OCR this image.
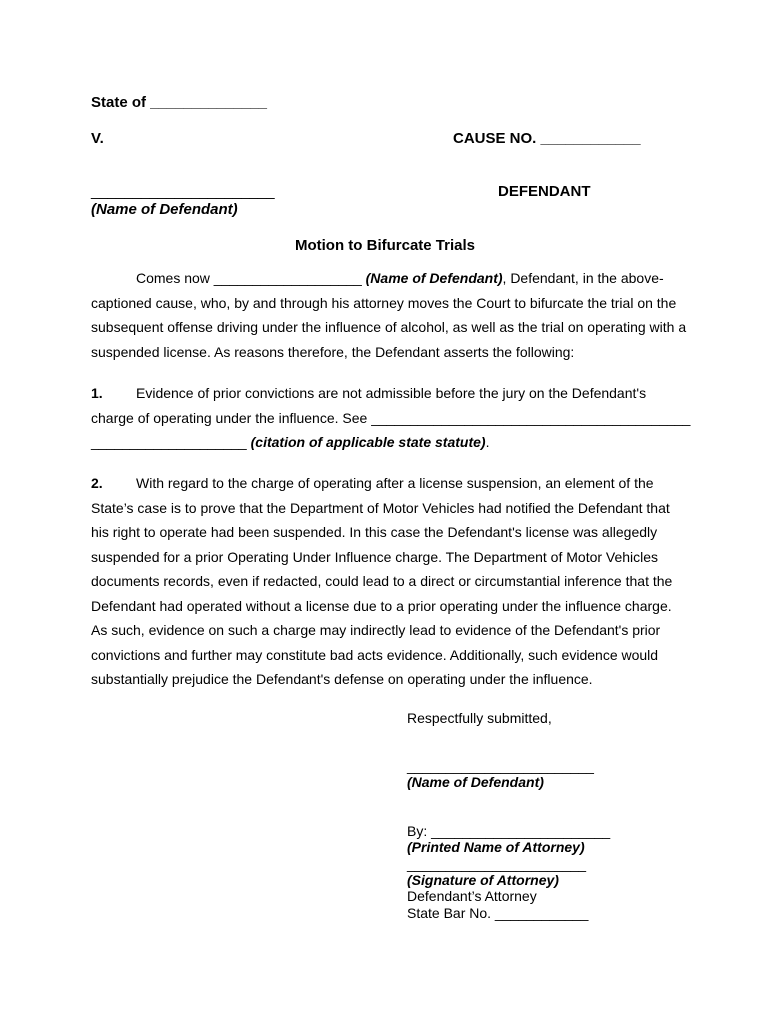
State of ______________
V.	CAUSE NO. ____________
______________________	DEFENDANT
(Name of Defendant)
Motion to Bifurcate Trials
Comes now ___________________ (Name of Defendant), Defendant, in the above-
captioned cause, who, by and through his attorney moves the Court to bifurcate the trial on the
subsequent offense driving under the influence of alcohol, as well as the trial on operating with a
suspended license. As reasons therefore, the Defendant asserts the following:
1. Evidence of prior convictions are not admissible before the jury on the Defendant's
charge of operating under the influence. See _________________________________________
____________________ (citation of applicable state statute).
2. With regard to the charge of operating after a license suspension, an element of the
State’s case is to prove that the Department of Motor Vehicles had notified the Defendant that
his right to operate had been suspended. In this case the Defendant's license was allegedly
suspended for a prior Operating Under Influence charge. The Department of Motor Vehicles
documents records, even if redacted, could lead to a direct or circumstantial inference that the
Defendant had operated without a license due to a prior operating under the influence charge.
As such, evidence on such a charge may indirectly lead to evidence of the Defendant's prior
convictions and further may constitute bad acts evidence. Additionally, such evidence would
substantially prejudice the Defendant's defense on operating under the influence.
Respectfully submitted,
________________________
(Name of Defendant)
By: _______________________
(Printed Name of Attorney)
_______________________
(Signature of Attorney)
Defendant’s Attorney
State Bar No. ____________
